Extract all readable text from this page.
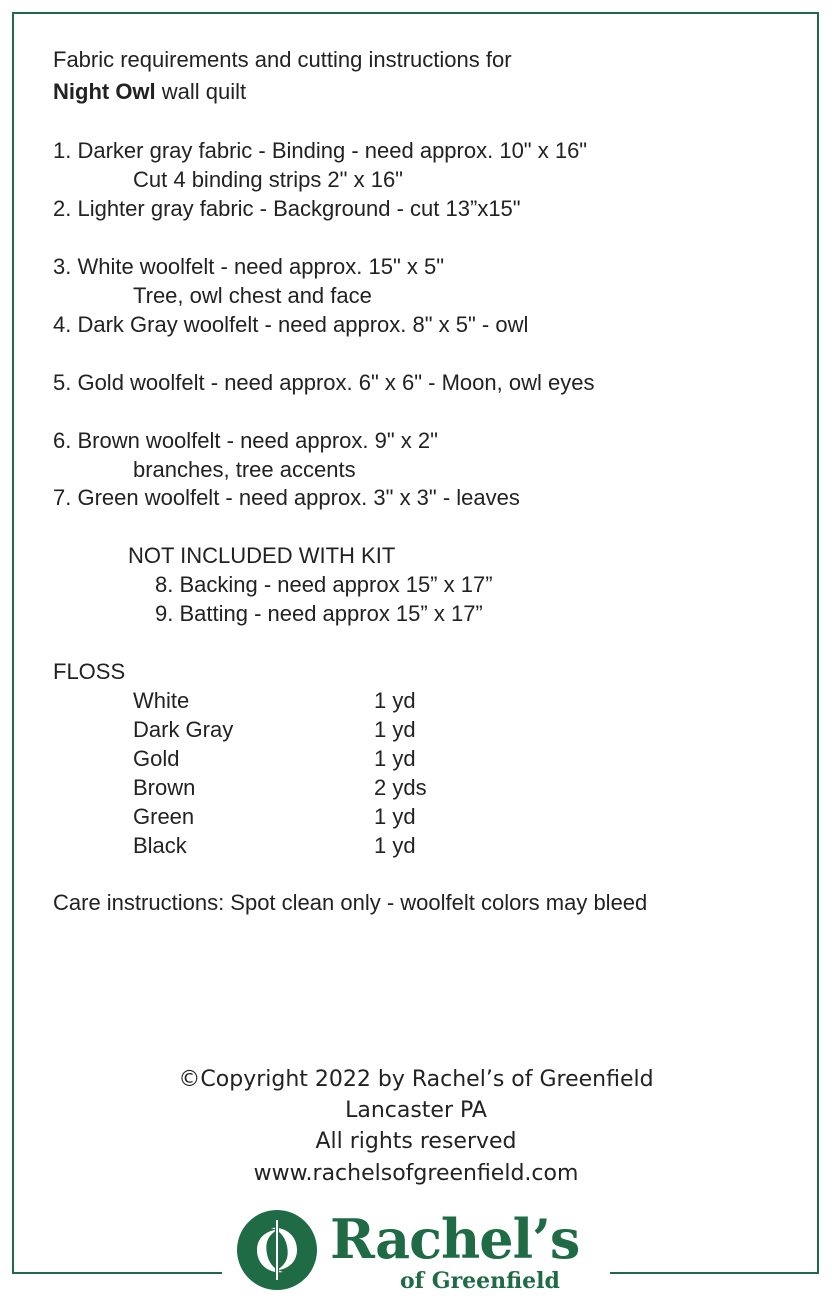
Fabric requirements and cutting instructions for
Night Owl wall quilt
1. Darker gray fabric - Binding - need approx. 10" x 16"
Cut 4 binding strips 2" x 16"
2. Lighter gray fabric - Background - cut 13”x15"
3. White woolfelt - need approx. 15" x 5"
Tree, owl chest and face
4. Dark Gray woolfelt - need approx. 8" x 5" - owl
5. Gold woolfelt - need approx. 6" x 6" - Moon, owl eyes
6. Brown woolfelt - need approx. 9" x 2"
branches, tree accents
7. Green woolfelt - need approx. 3" x 3" - leaves
NOT INCLUDED WITH KIT
8. Backing - need approx 15” x 17”
9. Batting - need approx 15” x 17”
FLOSS
White	1 yd
Dark Gray	1 yd
Gold	1 yd
Brown	2 yds
Green	1 yd
Black	1 yd
Care instructions: Spot clean only - woolfelt colors may bleed
©Copyright 2022 by Rachel’s of Greenfield
Lancaster PA
All rights reserved
www.rachelsofgreenfield.com
Rachel’s
of Greenfield
